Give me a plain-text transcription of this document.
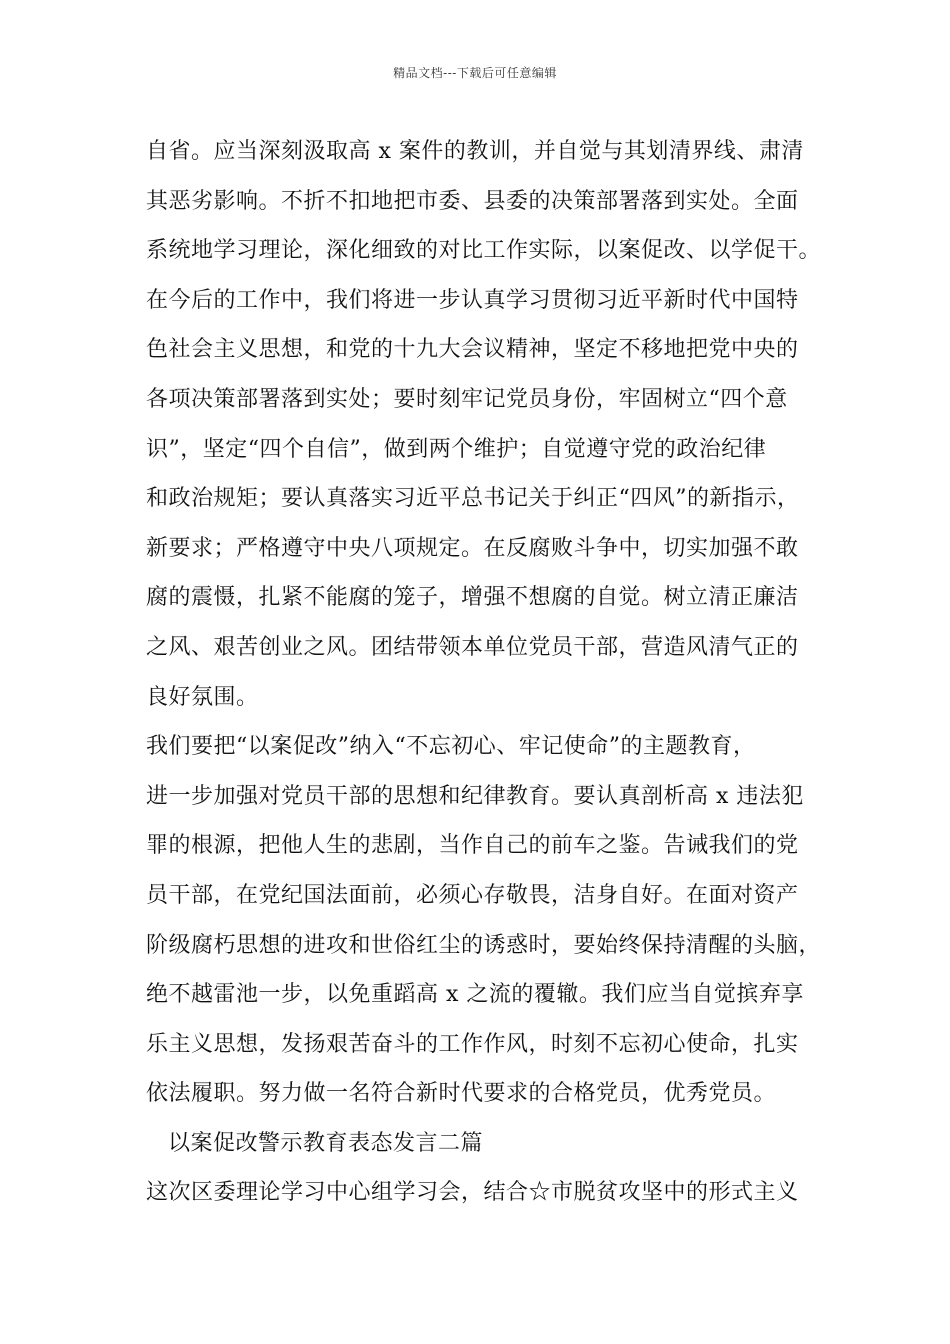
精品文档---下载后可任意编辑
自省。应当深刻汲取高 x 案件的教训，并自觉与其划清界线、肃清
其恶劣影响。不折不扣地把市委、县委的决策部署落到实处。全面
系统地学习理论，深化细致的对比工作实际，以案促改、以学促干。
在今后的工作中，我们将进一步认真学习贯彻习近平新时代中国特
色社会主义思想，和党的十九大会议精神，坚定不移地把党中央的
各项决策部署落到实处；要时刻牢记党员身份，牢固树立“四个意
识”，坚定“四个自信”，做到两个维护；自觉遵守党的政治纪律
和政治规矩；要认真落实习近平总书记关于纠正“四风”的新指示，
新要求；严格遵守中央八项规定。在反腐败斗争中，切实加强不敢
腐的震慑，扎紧不能腐的笼子，增强不想腐的自觉。树立清正廉洁
之风、艰苦创业之风。团结带领本单位党员干部，营造风清气正的
良好氛围。
我们要把“以案促改”纳入“不忘初心、牢记使命”的主题教育，
进一步加强对党员干部的思想和纪律教育。要认真剖析高 x 违法犯
罪的根源，把他人生的悲剧，当作自己的前车之鉴。告诫我们的党
员干部，在党纪国法面前，必须心存敬畏，洁身自好。在面对资产
阶级腐朽思想的进攻和世俗红尘的诱惑时，要始终保持清醒的头脑，
绝不越雷池一步，以免重蹈高 x 之流的覆辙。我们应当自觉摈弃享
乐主义思想，发扬艰苦奋斗的工作作风，时刻不忘初心使命，扎实
依法履职。努力做一名符合新时代要求的合格党员，优秀党员。
以案促改警示教育表态发言二篇
这次区委理论学习中心组学习会，结合☆市脱贫攻坚中的形式主义
